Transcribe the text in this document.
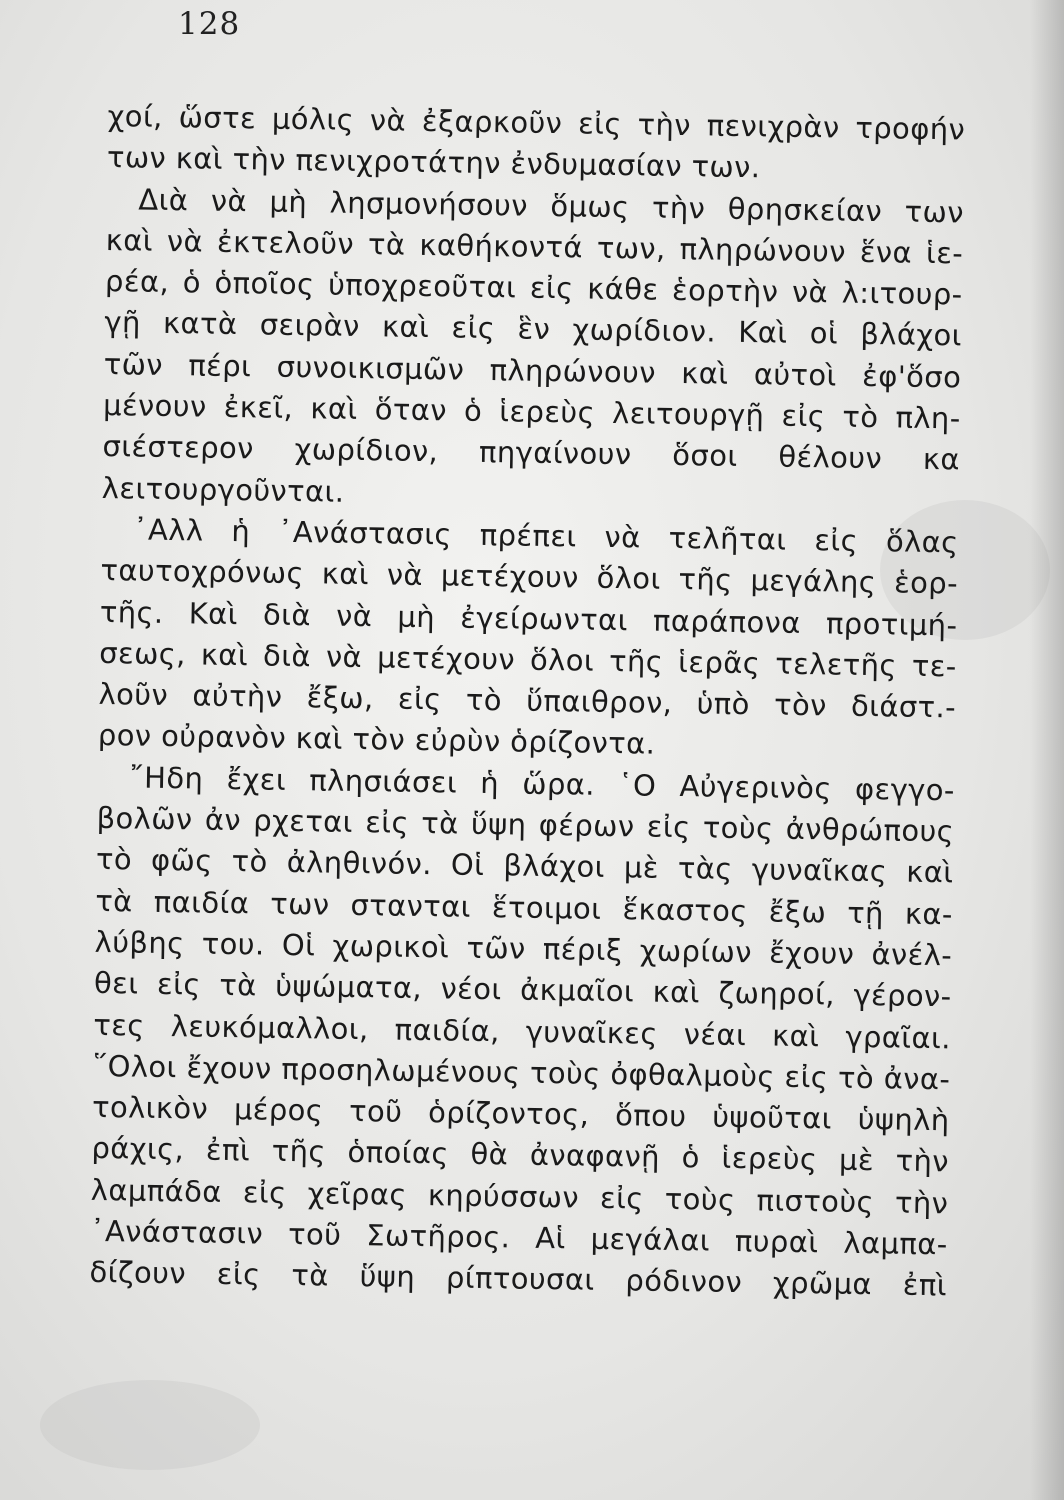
128
χοί, ὥστε μόλις νὰ ἐξαρκοῦν εἰς τὴν πενιχρὰν τροφήν
των καὶ τὴν πενιχροτάτην ἐνδυμασίαν των.
Διὰ νὰ μὴ λησμονήσουν ὅμως τὴν θρησκείαν των
καὶ νὰ ἐκτελοῦν τὰ καθήκοντά των, πληρώνουν ἕνα ἱε-
ρέα, ὁ ὁποῖος ὑποχρεοῦται εἰς κάθε ἑορτὴν νὰ λ:ιτουρ-
γῇ κατὰ σειρὰν καὶ εἰς ἓν χωρίδιον. Καὶ οἱ βλάχοι
τῶν πέρι συνοικισμῶν πληρώνουν καὶ αὐτοὶ ἐφ'ὅσο
μένουν ἐκεῖ, καὶ ὅταν ὁ ἱερεὺς λειτουργῇ εἰς τὸ πλη-
σιέστερον χωρίδιον, πηγαίνουν ὅσοι θέλουν κα
λειτουργοῦνται.
᾿Αλλ ἡ ᾿Ανάστασις πρέπει νὰ τελῆται εἰς ὅλας
ταυτοχρόνως καὶ νὰ μετέχουν ὅλοι τῆς μεγάλης ἑορ-
τῆς. Καὶ διὰ νὰ μὴ ἐγείρωνται παράπονα προτιμή-
σεως, καὶ διὰ νὰ μετέχουν ὅλοι τῆς ἱερᾶς τελετῆς τε-
λοῦν αὐτὴν ἔξω, εἰς τὸ ὕπαιθρον, ὑπὸ τὸν διάστ.-
ρον οὐρανὸν καὶ τὸν εὐρὺν ὁρίζοντα.
῎Ηδη ἔχει πλησιάσει ἡ ὥρα. ῾Ο Αὐγερινὸς φεγγο-
βολῶν ἀν ρχεται εἰς τὰ ὕψη φέρων εἰς τοὺς ἀνθρώπους
τὸ φῶς τὸ ἀληθινόν. Οἱ βλάχοι μὲ τὰς γυναῖκας καὶ
τὰ παιδία των στανται ἕτοιμοι ἕκαστος ἔξω τῇ κα-
λύβης του. Οἱ χωρικοὶ τῶν πέριξ χωρίων ἔχουν ἀνέλ-
θει εἰς τὰ ὑψώματα, νέοι ἀκμαῖοι καὶ ζωηροί, γέρον-
τες λευκόμαλλοι, παιδία, γυναῖκες νέαι καὶ γραῖαι.
῞Ολοι ἔχουν προσηλωμένους τοὺς ὀφθαλμοὺς εἰς τὸ ἀνα-
τολικὸν μέρος τοῦ ὁρίζοντος, ὅπου ὑψοῦται ὑψηλὴ
ράχις, ἐπὶ τῆς ὁποίας θὰ ἀναφανῇ ὁ ἱερεὺς μὲ τὴν
λαμπάδα εἰς χεῖρας κηρύσσων εἰς τοὺς πιστοὺς τὴν
᾿Ανάστασιν τοῦ Σωτῆρος. Αἱ μεγάλαι πυραὶ λαμπα-
δίζουν εἰς τὰ ὕψη ρίπτουσαι ρόδινον χρῶμα ἐπὶ
